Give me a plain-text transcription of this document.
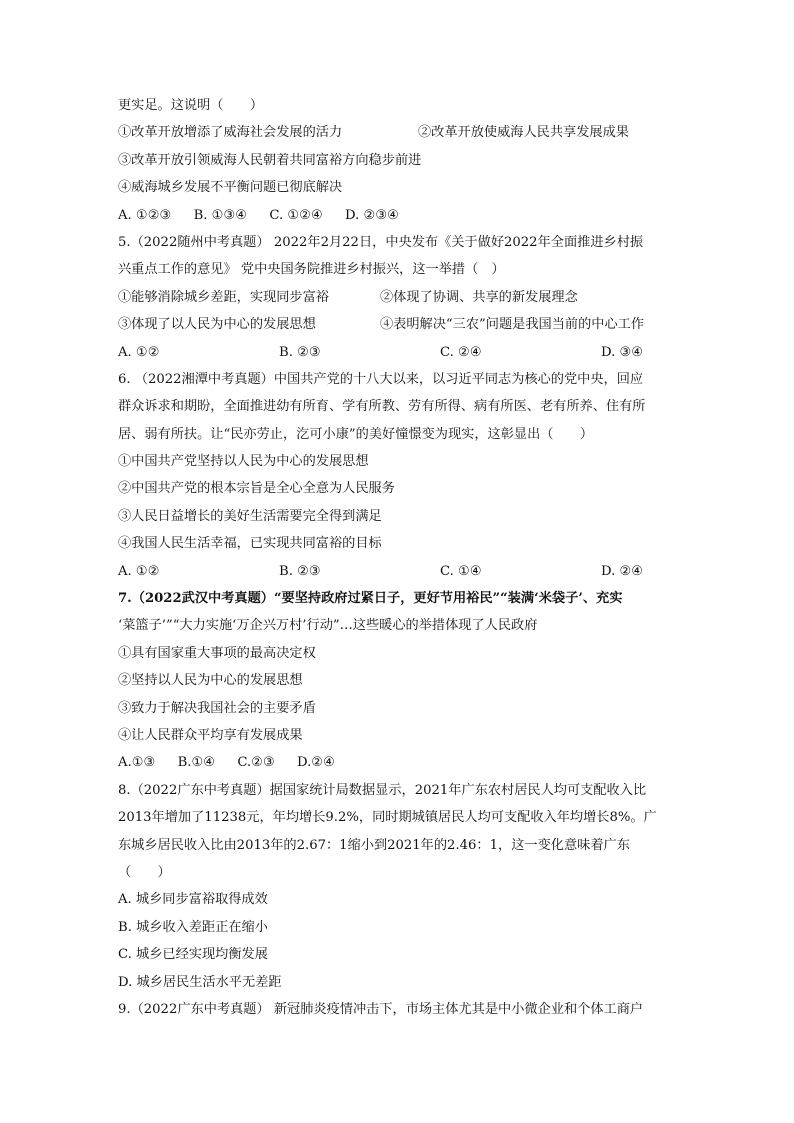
更实足。这说明（　　）
①改革开放增添了威海社会发展的活力	②改革开放使威海人民共享发展成果
③改革开放引领威海人民朝着共同富裕方向稳步前进
④威海城乡发展不平衡问题已彻底解决
A. ①②③ B. ①③④ C. ①②④ D. ②③④
5.（2022随州中考真题） 2022年2月22日，中央发布《关于做好2022年全面推进乡村振
兴重点工作的意见》 党中央国务院推进乡村振兴，这一举措（　）
①能够消除城乡差距，实现同步富裕	②体现了协调、共享的新发展理念
③体现了以人民为中心的发展思想	④表明解决“三农”问题是我国当前的中心工作
A. ①②	B. ②③	C. ②④	D. ③④
6. （2022湘潭中考真题）中国共产党的十八大以来，以习近平同志为核心的党中央，回应
群众诉求和期盼，全面推进幼有所育、学有所教、劳有所得、病有所医、老有所养、住有所
居、弱有所扶。让“民亦劳止，汔可小康”的美好憧憬变为现实，这彰显出（　　）
①中国共产党坚持以人民为中心的发展思想
②中国共产党的根本宗旨是全心全意为人民服务
③人民日益增长的美好生活需要完全得到满足
④我国人民生活幸福，已实现共同富裕的目标
A. ①②	B. ②③	C. ①④	D. ②④
7.（2022武汉中考真题）“要坚持政府过紧日子，更好节用裕民”“装满‘米袋子’、充实
‘菜篮子’”“大力实施‘万企兴万村’行动”…这些暖心的举措体现了人民政府
①具有国家重大事项的最高决定权
②坚持以人民为中心的发展思想
③致力于解决我国社会的主要矛盾
④让人民群众平均享有发展成果
A.①③ B.①④ C.②③ D.②④
8.（2022广东中考真题）据国家统计局数据显示，2021年广东农村居民人均可支配收入比
2013年增加了11238元，年均增长9.2%，同时期城镇居民人均可支配收入年均增长8%。广
东城乡居民收入比由2013年的2.67：1缩小到2021年的2.46：1，这一变化意味着广东
（　　）
A. 城乡同步富裕取得成效
B. 城乡收入差距正在缩小
C. 城乡已经实现均衡发展
D. 城乡居民生活水平无差距
9.（2022广东中考真题） 新冠肺炎疫情冲击下，市场主体尤其是中小微企业和个体工商户
